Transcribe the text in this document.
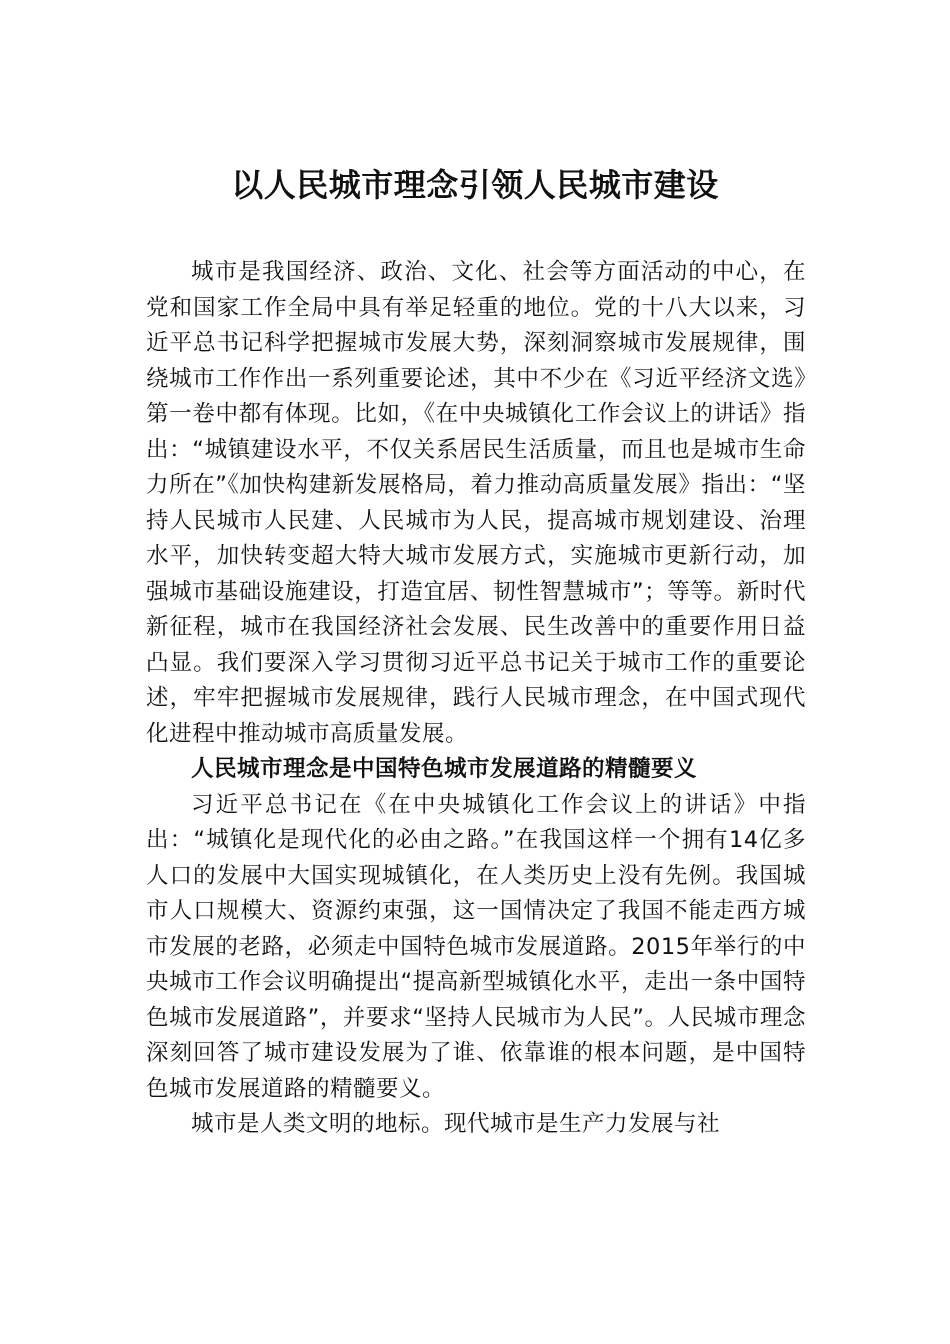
以人民城市理念引领人民城市建设

城市是我国经济、政治、文化、社会等方面活动的中心，在党和国家工作全局中具有举足轻重的地位。党的十八大以来，习近平总书记科学把握城市发展大势，深刻洞察城市发展规律，围绕城市工作作出一系列重要论述，其中不少在《习近平经济文选》第一卷中都有体现。比如，《在中央城镇化工作会议上的讲话》指出：“城镇建设水平，不仅关系居民生活质量，而且也是城市生命力所在”《加快构建新发展格局，着力推动高质量发展》指出：“坚持人民城市人民建、人民城市为人民，提高城市规划建设、治理水平，加快转变超大特大城市发展方式，实施城市更新行动，加强城市基础设施建设，打造宜居、韧性智慧城市”；等等。新时代新征程，城市在我国经济社会发展、民生改善中的重要作用日益凸显。我们要深入学习贯彻习近平总书记关于城市工作的重要论述，牢牢把握城市发展规律，践行人民城市理念，在中国式现代化进程中推动城市高质量发展。

人民城市理念是中国特色城市发展道路的精髓要义

习近平总书记在《在中央城镇化工作会议上的讲话》中指出：“城镇化是现代化的必由之路。”在我国这样一个拥有14亿多人口的发展中大国实现城镇化，在人类历史上没有先例。我国城市人口规模大、资源约束强，这一国情决定了我国不能走西方城市发展的老路，必须走中国特色城市发展道路。2015年举行的中央城市工作会议明确提出“提高新型城镇化水平，走出一条中国特色城市发展道路”，并要求“坚持人民城市为人民”。人民城市理念深刻回答了城市建设发展为了谁、依靠谁的根本问题，是中国特色城市发展道路的精髓要义。

城市是人类文明的地标。现代城市是生产力发展与社
